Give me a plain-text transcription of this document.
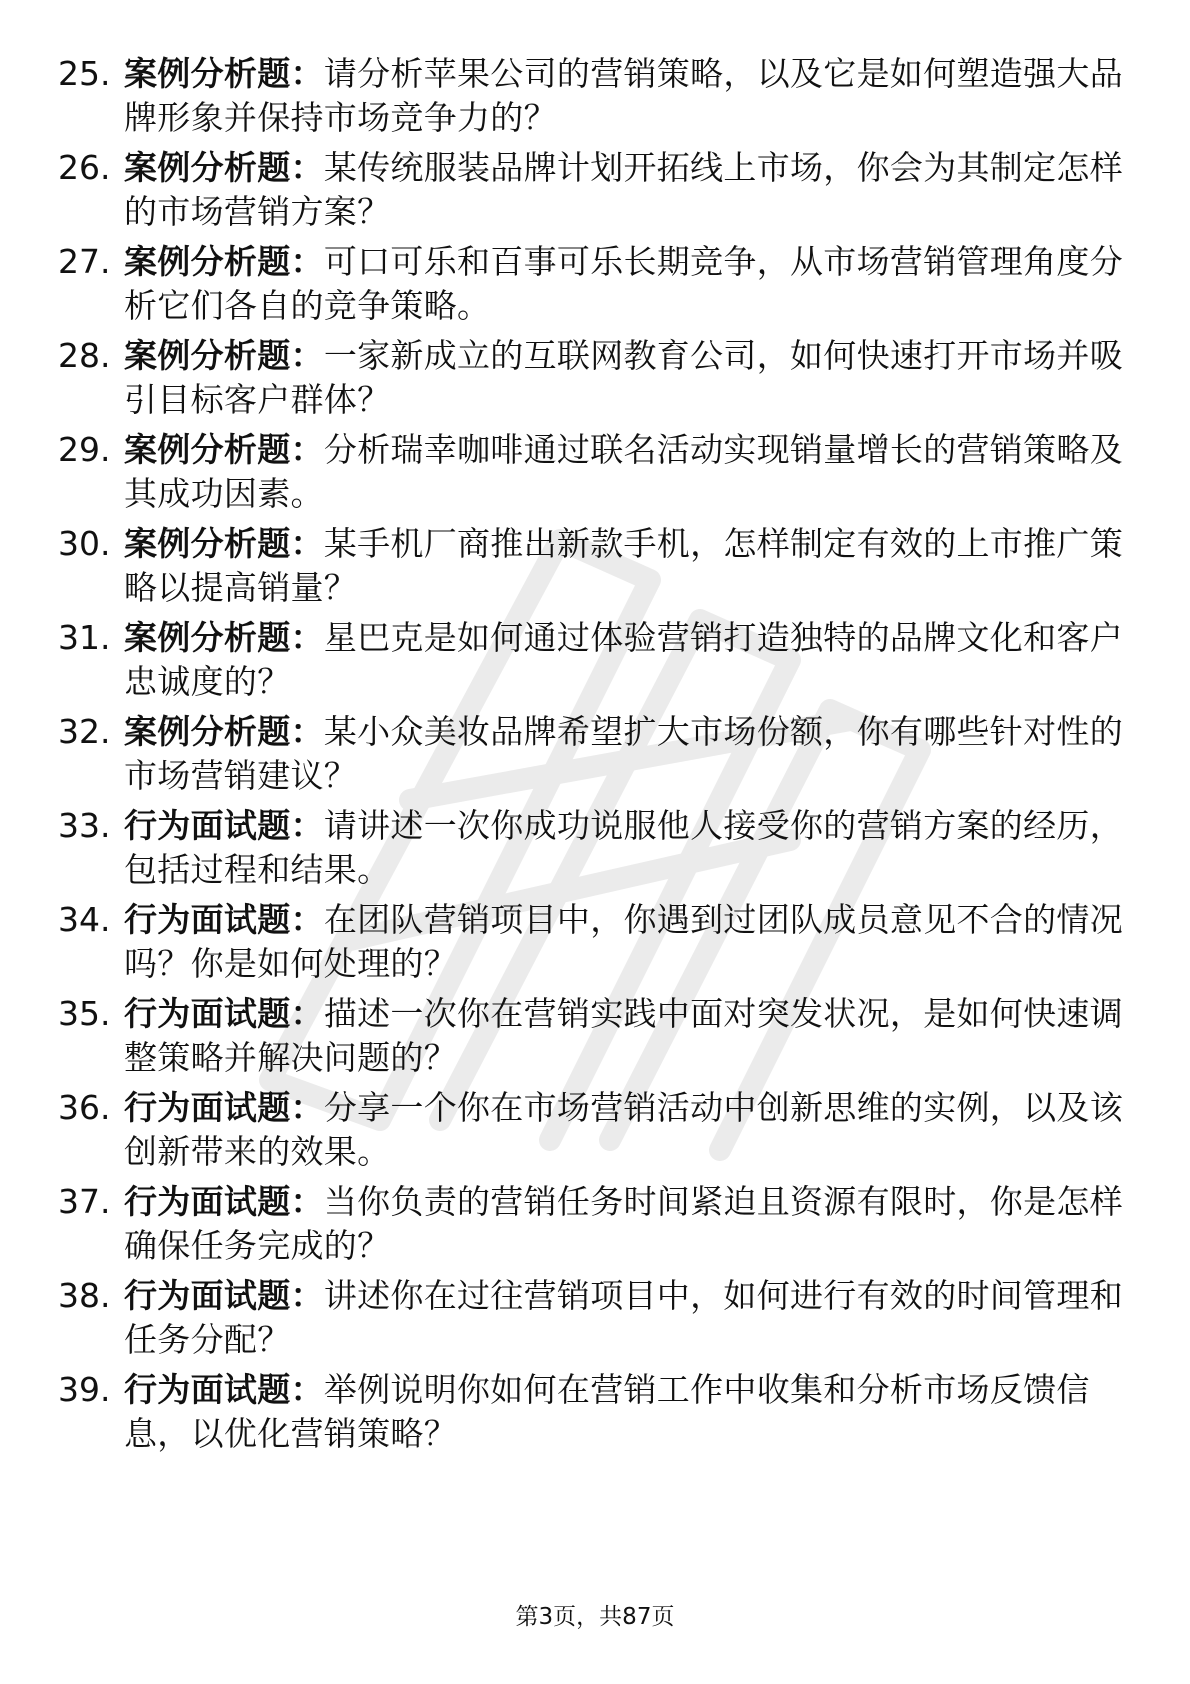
25. 案例分析题：请分析苹果公司的营销策略，以及它是如何塑造强大品牌形象并保持市场竞争力的？
26. 案例分析题：某传统服装品牌计划开拓线上市场，你会为其制定怎样的市场营销方案？
27. 案例分析题：可口可乐和百事可乐长期竞争，从市场营销管理角度分析它们各自的竞争策略。
28. 案例分析题：一家新成立的互联网教育公司，如何快速打开市场并吸引目标客户群体？
29. 案例分析题：分析瑞幸咖啡通过联名活动实现销量增长的营销策略及其成功因素。
30. 案例分析题：某手机厂商推出新款手机，怎样制定有效的上市推广策略以提高销量？
31. 案例分析题：星巴克是如何通过体验营销打造独特的品牌文化和客户忠诚度的？
32. 案例分析题：某小众美妆品牌希望扩大市场份额，你有哪些针对性的市场营销建议？
33. 行为面试题：请讲述一次你成功说服他人接受你的营销方案的经历，包括过程和结果。
34. 行为面试题：在团队营销项目中，你遇到过团队成员意见不合的情况吗？你是如何处理的？
35. 行为面试题：描述一次你在营销实践中面对突发状况，是如何快速调整策略并解决问题的？
36. 行为面试题：分享一个你在市场营销活动中创新思维的实例，以及该创新带来的效果。
37. 行为面试题：当你负责的营销任务时间紧迫且资源有限时，你是怎样确保任务完成的？
38. 行为面试题：讲述你在过往营销项目中，如何进行有效的时间管理和任务分配？
39. 行为面试题：举例说明你如何在营销工作中收集和分析市场反馈信息，以优化营销策略？
第3页，共87页
